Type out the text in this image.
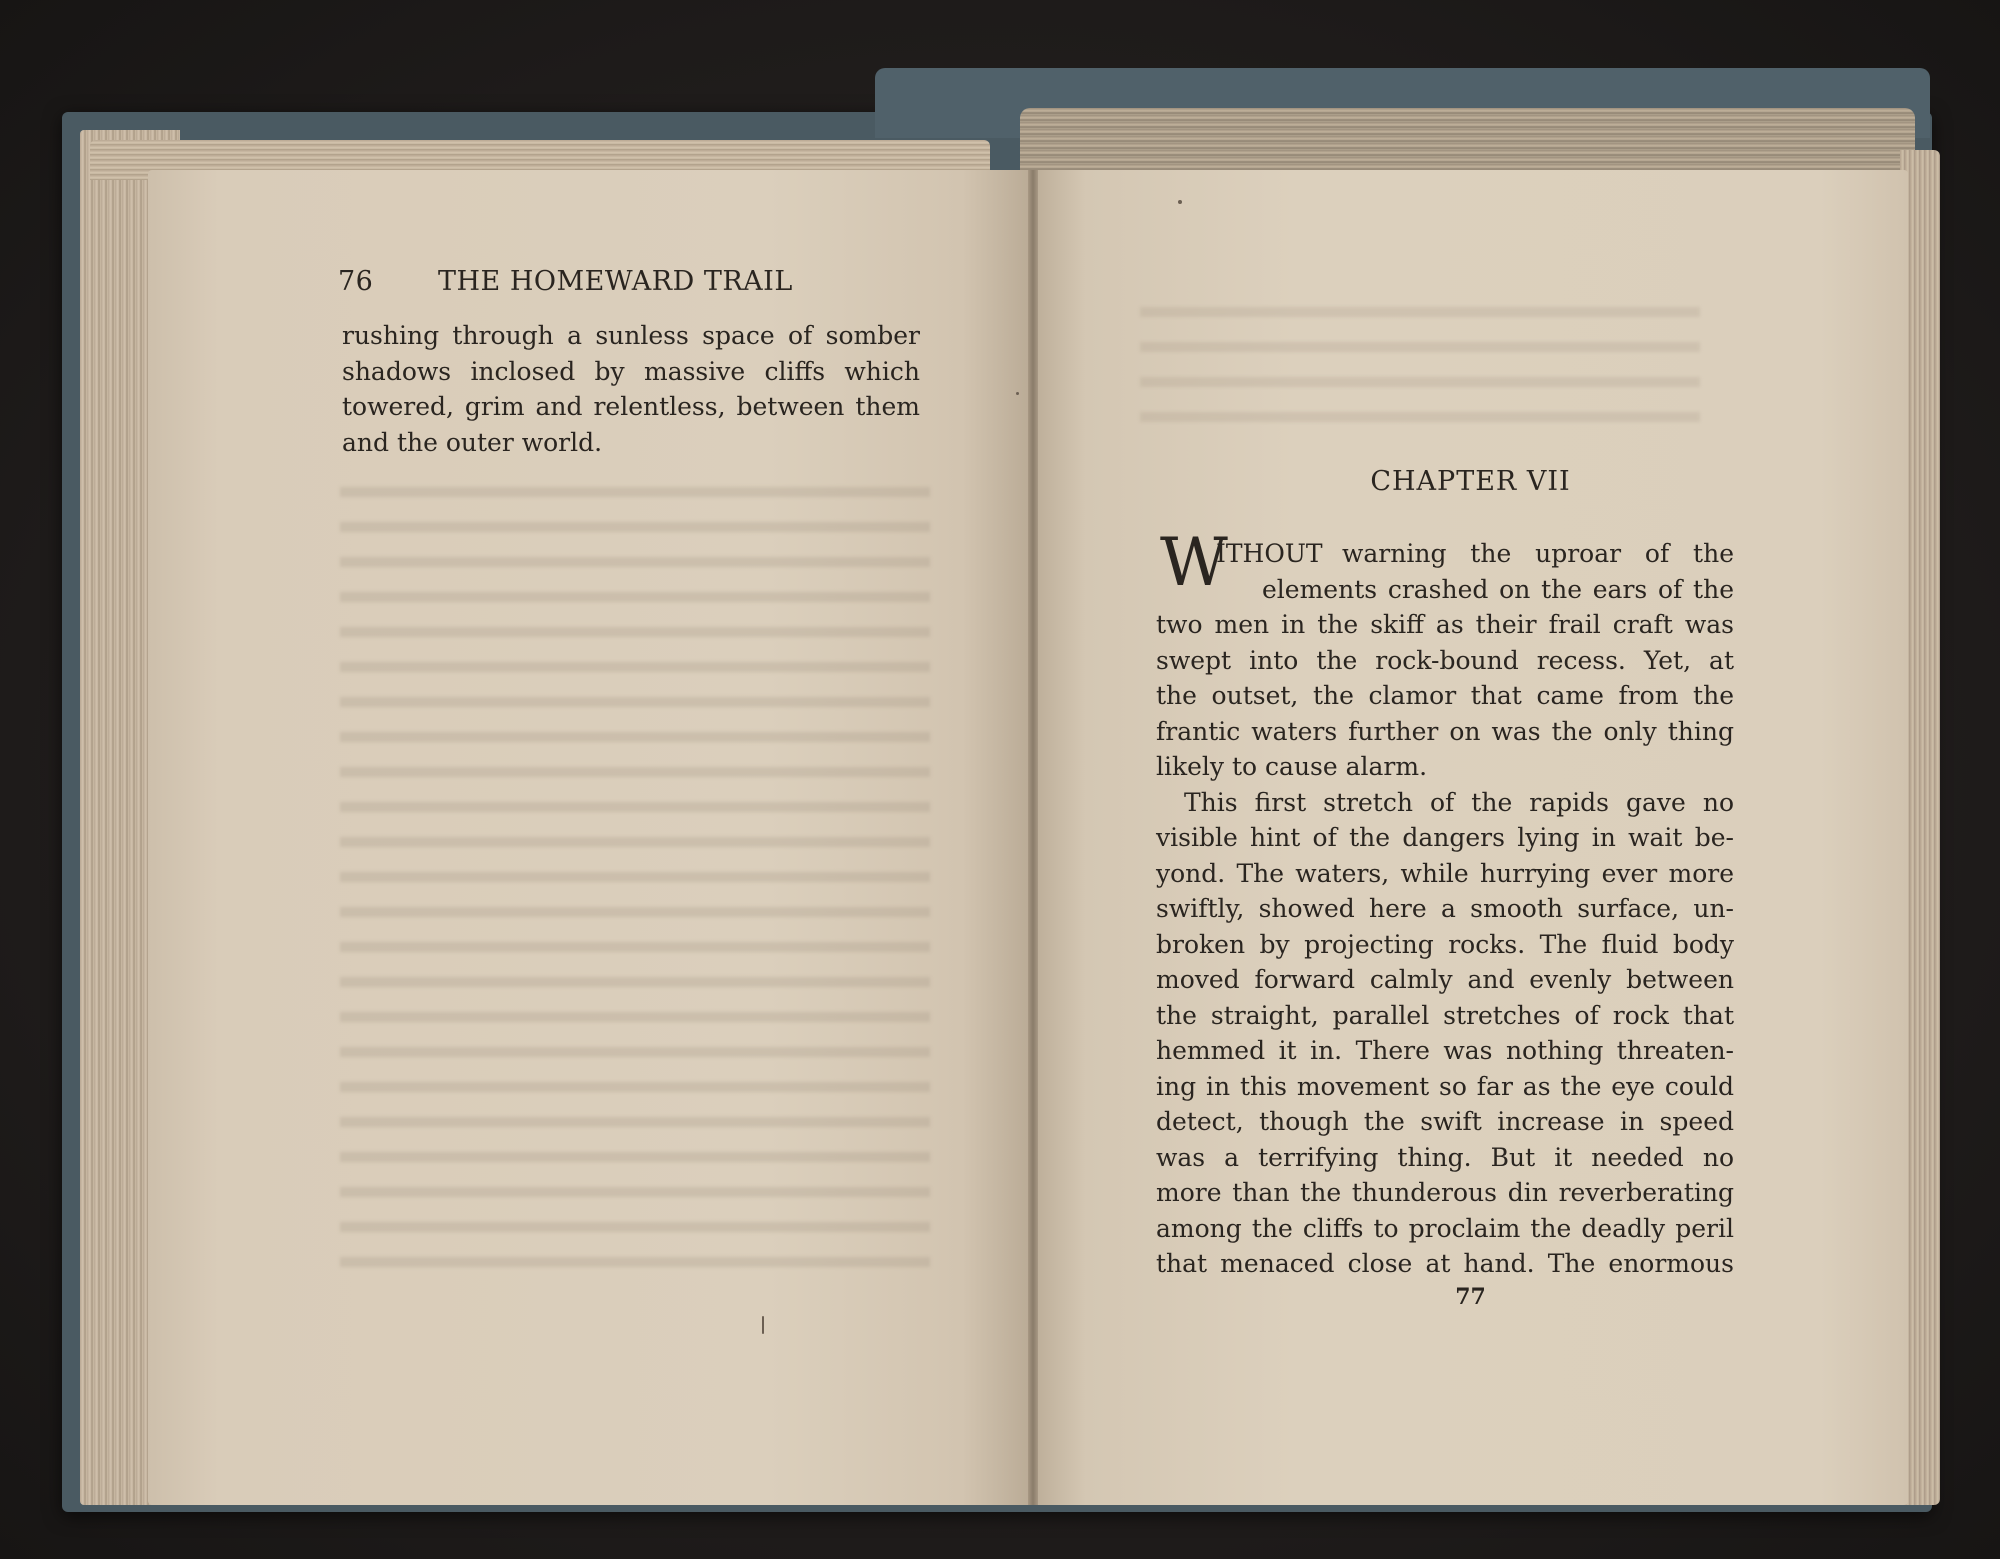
76 THE HOMEWARD TRAIL
rushing through a sunless space of somber
shadows inclosed by massive cliffs which
towered, grim and relentless, between them
and the outer world.
CHAPTER VII
W
ITHOUT warning the uproar of the
elements crashed on the ears of the
two men in the skiff as their frail craft was
swept into the rock-bound recess. Yet, at
the outset, the clamor that came from the
frantic waters further on was the only thing
likely to cause alarm.
This first stretch of the rapids gave no
visible hint of the dangers lying in wait be-
yond. The waters, while hurrying ever more
swiftly, showed here a smooth surface, un-
broken by projecting rocks. The fluid body
moved forward calmly and evenly between
the straight, parallel stretches of rock that
hemmed it in. There was nothing threaten-
ing in this movement so far as the eye could
detect, though the swift increase in speed
was a terrifying thing. But it needed no
more than the thunderous din reverberating
among the cliffs to proclaim the deadly peril
that menaced close at hand. The enormous
77
